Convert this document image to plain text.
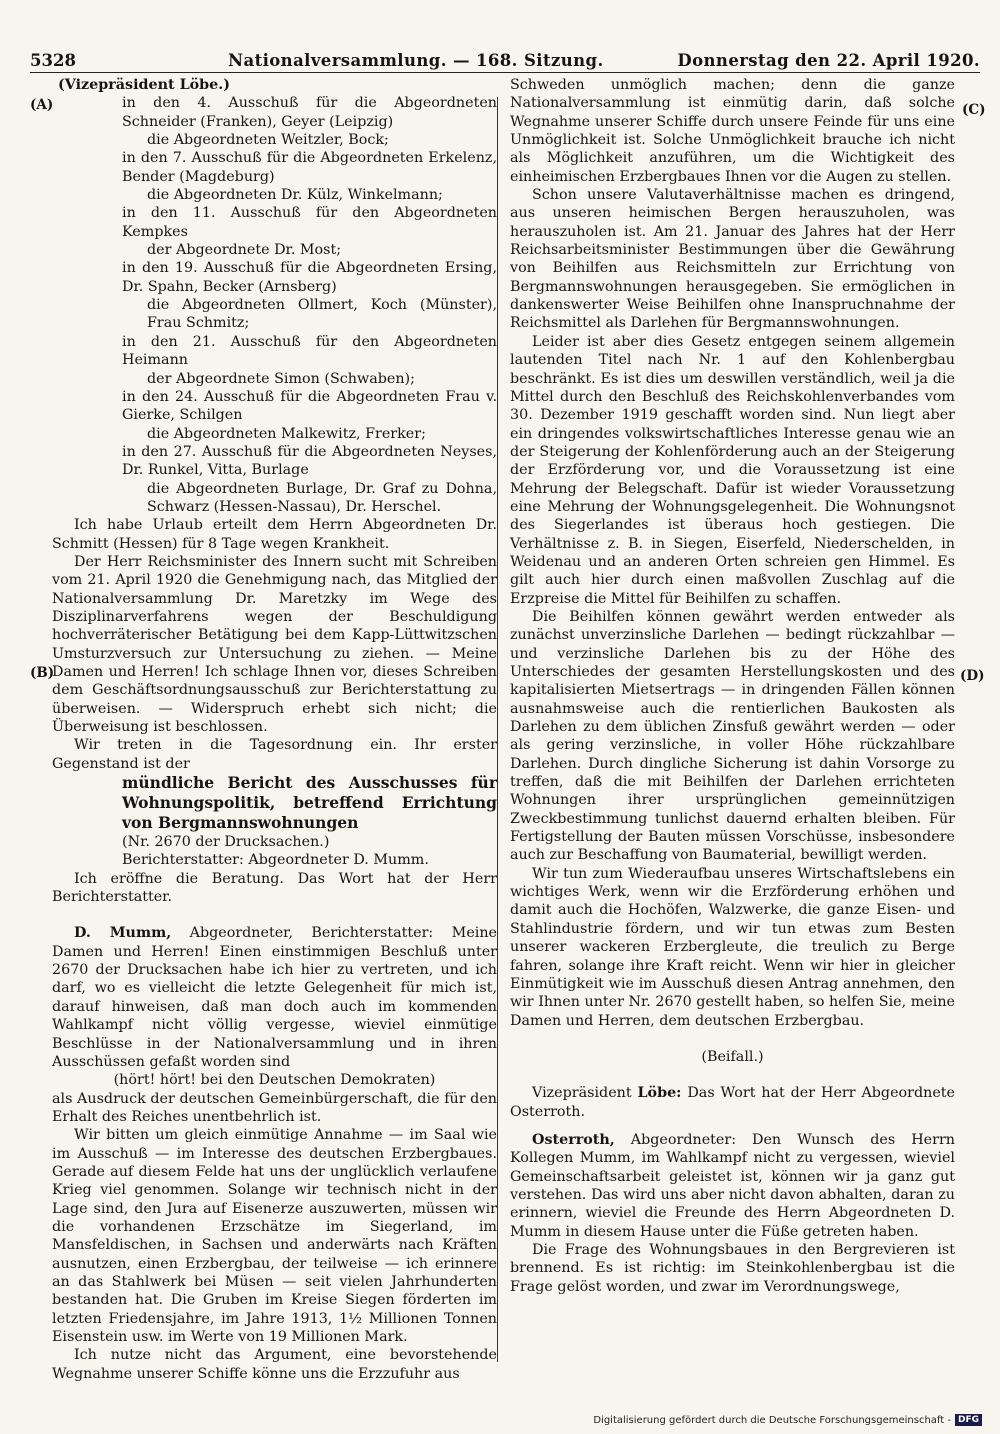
5328	Nationalversammlung. — 168. Sitzung.	Donnerstag den 22. April 1920.
(A)
(B)
(C)
(D)

(Vizepräsident Löbe.)

in den 4. Ausschuß für die Abgeordneten Schneider (Franken), Geyer (Leipzig)

die Abgeordneten Weitzler, Bock;

in den 7. Ausschuß für die Abgeordneten Erkelenz, Bender (Magdeburg)

die Abgeordneten Dr. Külz, Winkelmann;

in den 11. Ausschuß für den Abgeordneten Kempkes

der Abgeordnete Dr. Most;

in den 19. Ausschuß für die Abgeordneten Ersing, Dr. Spahn, Becker (Arnsberg)

die Abgeordneten Ollmert, Koch (Münster), Frau Schmitz;

in den 21. Ausschuß für den Abgeordneten Heimann

der Abgeordnete Simon (Schwaben);

in den 24. Ausschuß für die Abgeordneten Frau v. Gierke, Schilgen

die Abgeordneten Malkewitz, Frerker;

in den 27. Ausschuß für die Abgeordneten Neyses, Dr. Runkel, Vitta, Burlage

die Abgeordneten Burlage, Dr. Graf zu Dohna, Schwarz (Hessen-Nassau), Dr. Herschel.

Ich habe Urlaub erteilt dem Herrn Abgeordneten Dr. Schmitt (Hessen) für 8 Tage wegen Krankheit.

Der Herr Reichsminister des Innern sucht mit Schreiben vom 21. April 1920 die Genehmigung nach, das Mitglied der Nationalversammlung Dr. Maretzky im Wege des Disziplinarverfahrens wegen der Beschuldigung hochverräterischer Betätigung bei dem Kapp-Lüttwitzschen Umsturzversuch zur Untersuchung zu ziehen. — Meine Damen und Herren! Ich schlage Ihnen vor, dieses Schreiben dem Geschäftsordnungsausschuß zur Berichterstattung zu überweisen. — Widerspruch erhebt sich nicht; die Überweisung ist beschlossen.

Wir treten in die Tagesordnung ein. Ihr erster Gegenstand ist der

mündliche Bericht des Ausschusses für Wohnungspolitik, betreffend Errichtung von Bergmannswohnungen

(Nr. 2670 der Drucksachen.)

Berichterstatter: Abgeordneter D. Mumm.

Ich eröffne die Beratung. Das Wort hat der Herr Berichterstatter.

D. Mumm, Abgeordneter, Berichterstatter: Meine Damen und Herren! Einen einstimmigen Beschluß unter 2670 der Drucksachen habe ich hier zu vertreten, und ich darf, wo es vielleicht die letzte Gelegenheit für mich ist, darauf hinweisen, daß man doch auch im kommenden Wahlkampf nicht völlig vergesse, wieviel einmütige Beschlüsse in der Nationalversammlung und in ihren Ausschüssen gefaßt worden sind

(hört! hört! bei den Deutschen Demokraten)

als Ausdruck der deutschen Gemeinbürgerschaft, die für den Erhalt des Reiches unentbehrlich ist.

Wir bitten um gleich einmütige Annahme — im Saal wie im Ausschuß — im Interesse des deutschen Erzbergbaues. Gerade auf diesem Felde hat uns der unglücklich verlaufene Krieg viel genommen. Solange wir technisch nicht in der Lage sind, den Jura auf Eisenerze auszuwerten, müssen wir die vorhandenen Erzschätze im Siegerland, im Mansfeldischen, in Sachsen und anderwärts nach Kräften ausnutzen, einen Erzbergbau, der teilweise — ich erinnere an das Stahlwerk bei Müsen — seit vielen Jahrhunderten bestanden hat. Die Gruben im Kreise Siegen förderten im letzten Friedensjahre, im Jahre 1913, 1½ Millionen Tonnen Eisenstein usw. im Werte von 19 Millionen Mark.

Ich nutze nicht das Argument, eine bevorstehende Wegnahme unserer Schiffe könne uns die Erzzufuhr aus

Schweden unmöglich machen; denn die ganze Nationalversammlung ist einmütig darin, daß solche Wegnahme unserer Schiffe durch unsere Feinde für uns eine Unmöglichkeit ist. Solche Unmöglichkeit brauche ich nicht als Möglichkeit anzuführen, um die Wichtigkeit des einheimischen Erzbergbaues Ihnen vor die Augen zu stellen.

Schon unsere Valutaverhältnisse machen es dringend, aus unseren heimischen Bergen herauszuholen, was herauszuholen ist. Am 21. Januar des Jahres hat der Herr Reichsarbeitsminister Bestimmungen über die Gewährung von Beihilfen aus Reichsmitteln zur Errichtung von Bergmannswohnungen herausgegeben. Sie ermöglichen in dankenswerter Weise Beihilfen ohne Inanspruchnahme der Reichsmittel als Darlehen für Bergmannswohnungen.

Leider ist aber dies Gesetz entgegen seinem allgemein lautenden Titel nach Nr. 1 auf den Kohlenbergbau beschränkt. Es ist dies um deswillen verständlich, weil ja die Mittel durch den Beschluß des Reichskohlenverbandes vom 30. Dezember 1919 geschafft worden sind. Nun liegt aber ein dringendes volkswirtschaftliches Interesse genau wie an der Steigerung der Kohlenförderung auch an der Steigerung der Erzförderung vor, und die Voraussetzung ist eine Mehrung der Belegschaft. Dafür ist wieder Voraussetzung eine Mehrung der Wohnungsgelegenheit. Die Wohnungsnot des Siegerlandes ist überaus hoch gestiegen. Die Verhältnisse z. B. in Siegen, Eiserfeld, Niederschelden, in Weidenau und an anderen Orten schreien gen Himmel. Es gilt auch hier durch einen maßvollen Zuschlag auf die Erzpreise die Mittel für Beihilfen zu schaffen.

Die Beihilfen können gewährt werden entweder als zunächst unverzinsliche Darlehen — bedingt rückzahlbar — und verzinsliche Darlehen bis zu der Höhe des Unterschiedes der gesamten Herstellungskosten und des kapitalisierten Mietsertrags — in dringenden Fällen können ausnahmsweise auch die rentierlichen Baukosten als Darlehen zu dem üblichen Zinsfuß gewährt werden — oder als gering verzinsliche, in voller Höhe rückzahlbare Darlehen. Durch dingliche Sicherung ist dahin Vorsorge zu treffen, daß die mit Beihilfen der Darlehen errichteten Wohnungen ihrer ursprünglichen gemeinnützigen Zweckbestimmung tunlichst dauernd erhalten bleiben. Für Fertigstellung der Bauten müssen Vorschüsse, insbesondere auch zur Beschaffung von Baumaterial, bewilligt werden.

Wir tun zum Wiederaufbau unseres Wirtschaftslebens ein wichtiges Werk, wenn wir die Erzförderung erhöhen und damit auch die Hochöfen, Walzwerke, die ganze Eisen- und Stahlindustrie fördern, und wir tun etwas zum Besten unserer wackeren Erzbergleute, die treulich zu Berge fahren, solange ihre Kraft reicht. Wenn wir hier in gleicher Einmütigkeit wie im Ausschuß diesen Antrag annehmen, den wir Ihnen unter Nr. 2670 gestellt haben, so helfen Sie, meine Damen und Herren, dem deutschen Erzbergbau.

(Beifall.)

Vizepräsident Löbe: Das Wort hat der Herr Abgeordnete Osterroth.

Osterroth, Abgeordneter: Den Wunsch des Herrn Kollegen Mumm, im Wahlkampf nicht zu vergessen, wieviel Gemeinschaftsarbeit geleistet ist, können wir ja ganz gut verstehen. Das wird uns aber nicht davon abhalten, daran zu erinnern, wieviel die Freunde des Herrn Abgeordneten D. Mumm in diesem Hause unter die Füße getreten haben.

Die Frage des Wohnungsbaues in den Bergrevieren ist brennend. Es ist richtig: im Steinkohlenbergbau ist die Frage gelöst worden, und zwar im Verordnungswege,

Digitalisierung gefördert durch die Deutsche Forschungsgemeinschaft - DFG
